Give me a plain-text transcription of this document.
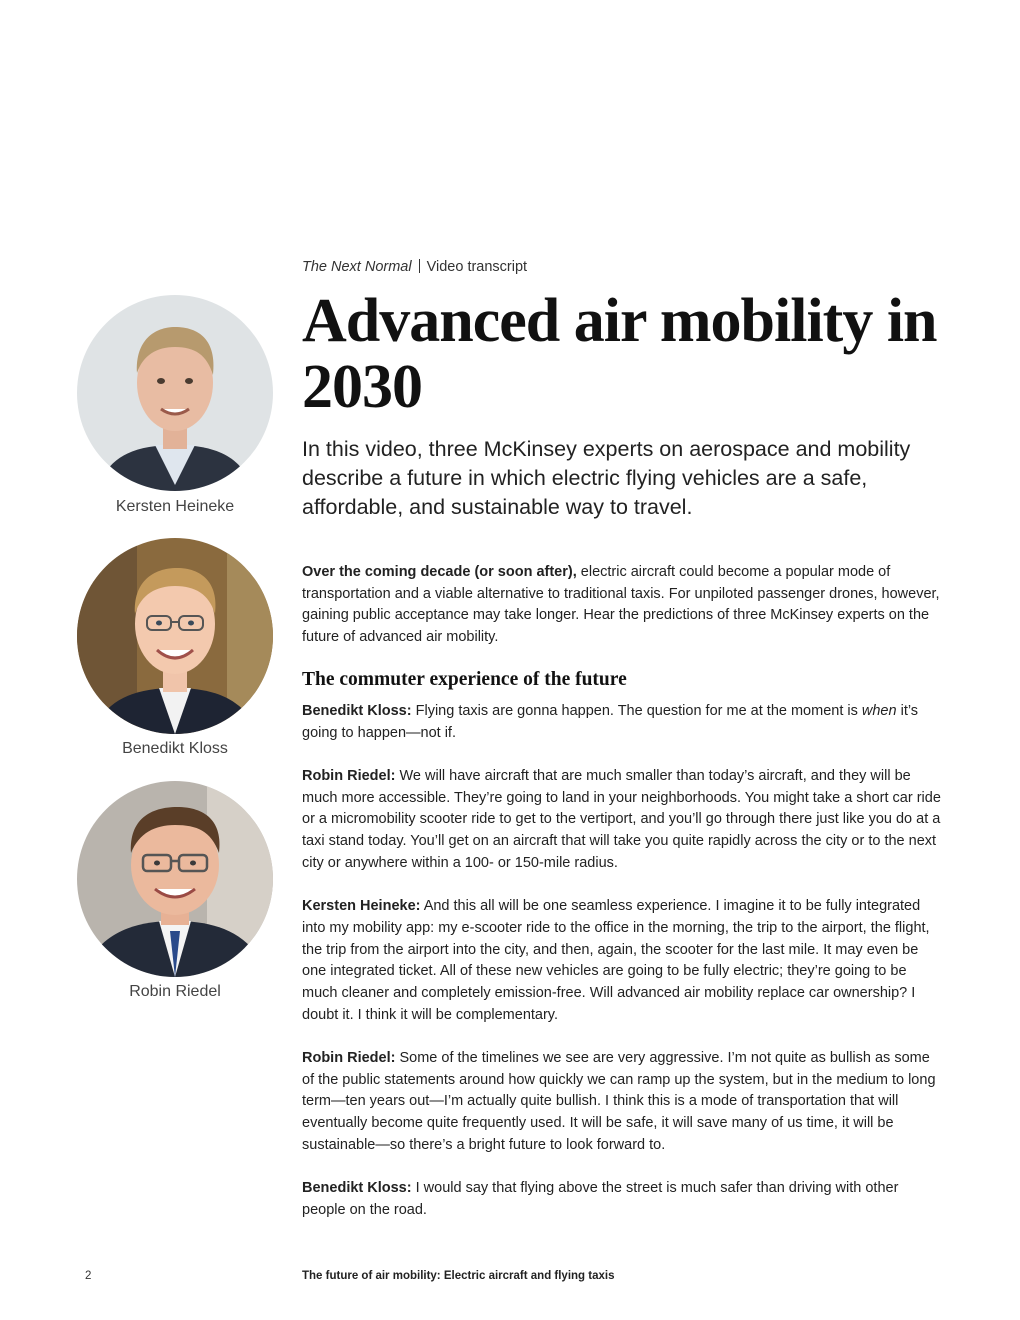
The Next Normal Video transcript
Advanced air mobility in 2030

In this video, three McKinsey experts on aerospace and mobility describe a future in which electric flying vehicles are a safe, affordable, and sustainable way to travel.

Kersten Heineke
Benedikt Kloss
Robin Riedel

Over the coming decade (or soon after), electric aircraft could become a popular mode of transportation and a viable alternative to traditional taxis. For unpiloted passenger drones, however, gaining public acceptance may take longer. Hear the predictions of three McKinsey experts on the future of advanced air mobility.

The commuter experience of the future

Benedikt Kloss: Flying taxis are gonna happen. The question for me at the moment is when it’s going to happen—not if.

Robin Riedel: We will have aircraft that are much smaller than today’s aircraft, and they will be much more accessible. They’re going to land in your neighborhoods. You might take a short car ride or a micromobility scooter ride to get to the vertiport, and you’ll go through there just like you do at a taxi stand today. You’ll get on an aircraft that will take you quite rapidly across the city or to the next city or anywhere within a 100- or 150-mile radius.

Kersten Heineke: And this all will be one seamless experience. I imagine it to be fully integrated into my mobility app: my e-scooter ride to the office in the morning, the trip to the airport, the flight, the trip from the airport into the city, and then, again, the scooter for the last mile. It may even be one integrated ticket. All of these new vehicles are going to be fully electric; they’re going to be much cleaner and completely emission-free. Will advanced air mobility replace car ownership? I doubt it. I think it will be complementary.

Robin Riedel: Some of the timelines we see are very aggressive. I’m not quite as bullish as some of the public statements around how quickly we can ramp up the system, but in the medium to long term—ten years out—I’m actually quite bullish. I think this is a mode of transportation that will eventually become quite frequently used. It will be safe, it will save many of us time, it will be sustainable—so there’s a bright future to look forward to.

Benedikt Kloss: I would say that flying above the street is much safer than driving with other people on the road.

2	The future of air mobility: Electric aircraft and flying taxis
